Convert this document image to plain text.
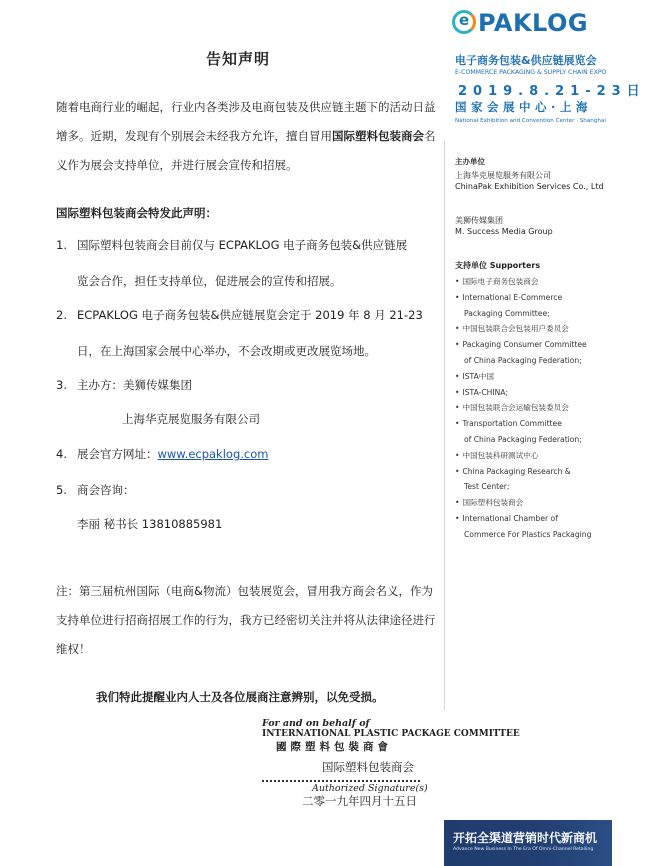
告知声明
随着电商行业的崛起，行业内各类涉及电商包装及供应链主题下的活动日益增多。近期，发现有个别展会未经我方允许，擅自冒用国际塑料包装商会名义作为展会支持单位，并进行展会宣传和招展。
国际塑料包装商会特发此声明：
1. 国际塑料包装商会目前仅与 ECPAKLOG 电子商务包装&供应链展
览会合作，担任支持单位，促进展会的宣传和招展。
2. ECPAKLOG 电子商务包装&供应链展览会定于 2019 年 8 月 21-23
日，在上海国家会展中心举办，不会改期或更改展览场地。
3. 主办方：美狮传媒集团
上海华克展览服务有限公司
4. 展会官方网址：www.ecpaklog.com
5. 商会咨询：
李丽 秘书长 13810885981
注：第三届杭州国际（电商&物流）包装展览会，冒用我方商会名义，作为支持单位进行招商招展工作的行为，我方已经密切关注并将从法律途径进行维权！
我们特此提醒业内人士及各位展商注意辨别，以免受损。
For and on behalf of
INTERNATIONAL PLASTIC PACKAGE COMMITTEE
國際塑料包裝商會
国际塑料包装商会
Authorized Signature(s)
二零一九年四月十五日
e PAKLOG
电子商务包装&供应链展览会
E-COMMERCE PACKAGING & SUPPLY CHAIN EXPO
2019.8.21-23日
国家会展中心·上海
National Exhibition and Convention Center · Shanghai
主办单位
上海华克展览服务有限公司
ChinaPak Exhibition Services Co., Ltd
美狮传媒集团
M. Success Media Group
支持单位 Supporters
• 国际电子商务包装商会
• International E-Commerce
Packaging Committee;
• 中国包装联合会包装用户委员会
• Packaging Consumer Committee
of China Packaging Federation;
• ISTA中国
• ISTA-CHINA;
• 中国包装联合会运输包装委员会
• Transportation Committee
of China Packaging Federation;
• 中国包装科研测试中心
• China Packaging Research &
Test Center;
• 国际塑料包装商会
• International Chamber of
Commerce For Plastics Packaging
开拓全渠道营销时代新商机
Advance New Business In The Era Of Omni-Channel Retailing
